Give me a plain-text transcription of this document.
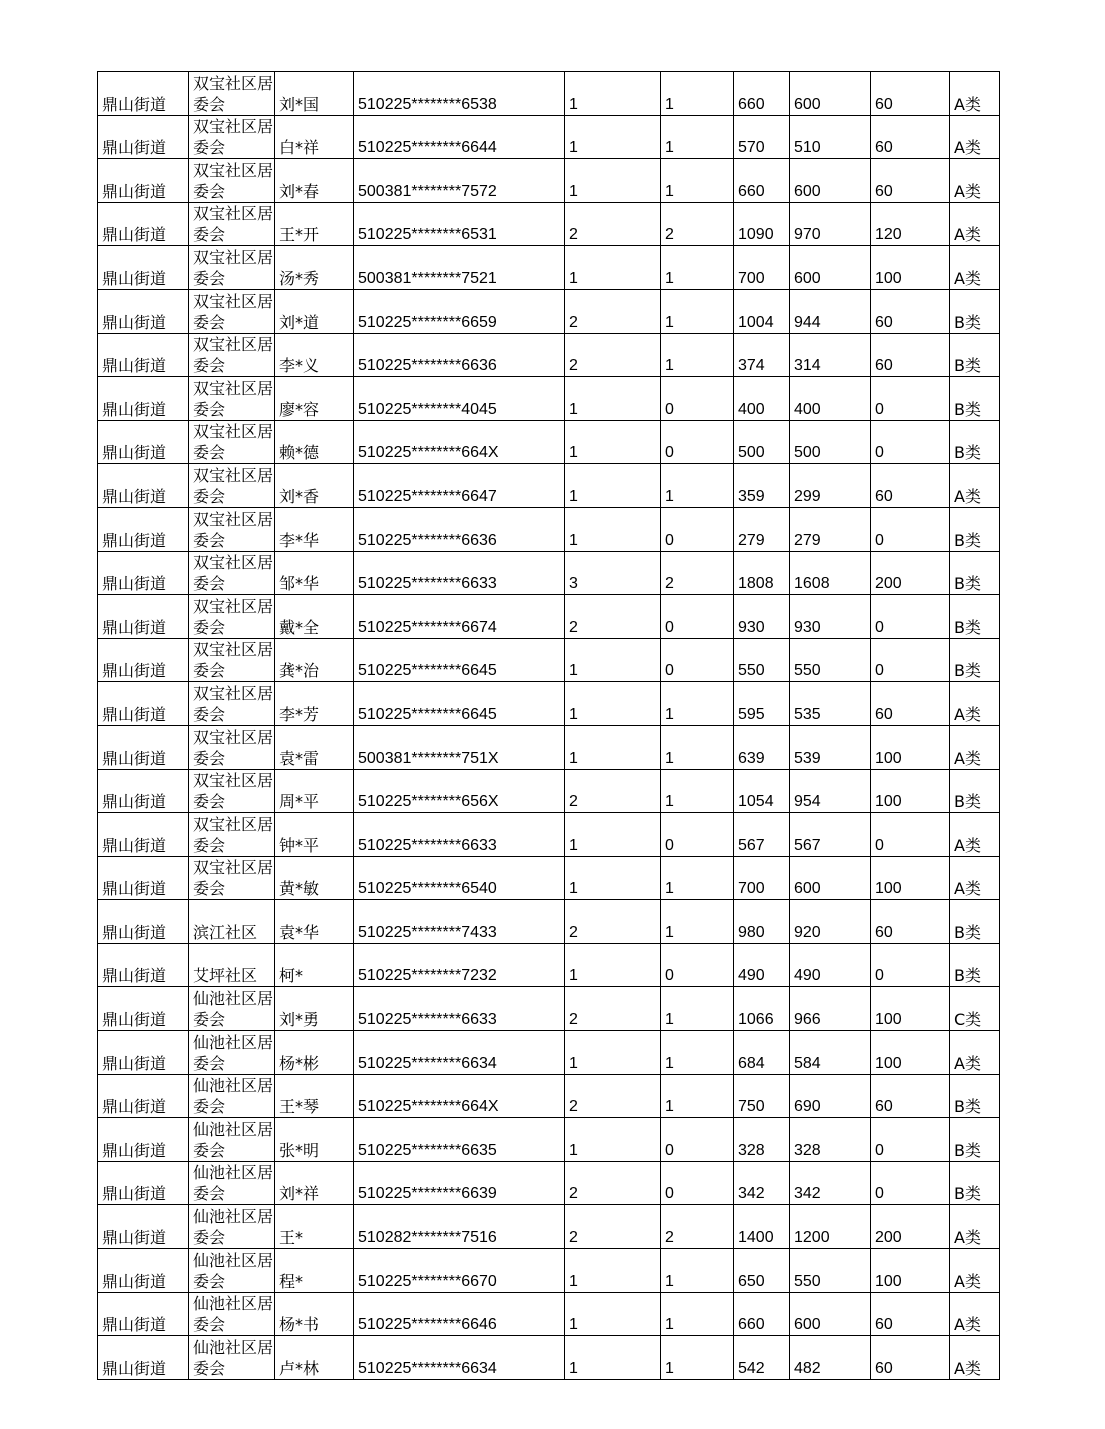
鼎山街道	双宝社区居委会	刘*国	510225********6538	1	1	660	600	60	A类
鼎山街道	双宝社区居委会	白*祥	510225********6644	1	1	570	510	60	A类
鼎山街道	双宝社区居委会	刘*春	500381********7572	1	1	660	600	60	A类
鼎山街道	双宝社区居委会	王*开	510225********6531	2	2	1090	970	120	A类
鼎山街道	双宝社区居委会	汤*秀	500381********7521	1	1	700	600	100	A类
鼎山街道	双宝社区居委会	刘*道	510225********6659	2	1	1004	944	60	B类
鼎山街道	双宝社区居委会	李*义	510225********6636	2	1	374	314	60	B类
鼎山街道	双宝社区居委会	廖*容	510225********4045	1	0	400	400	0	B类
鼎山街道	双宝社区居委会	赖*德	510225********664X	1	0	500	500	0	B类
鼎山街道	双宝社区居委会	刘*香	510225********6647	1	1	359	299	60	A类
鼎山街道	双宝社区居委会	李*华	510225********6636	1	0	279	279	0	B类
鼎山街道	双宝社区居委会	邹*华	510225********6633	3	2	1808	1608	200	B类
鼎山街道	双宝社区居委会	戴*全	510225********6674	2	0	930	930	0	B类
鼎山街道	双宝社区居委会	龚*治	510225********6645	1	0	550	550	0	B类
鼎山街道	双宝社区居委会	李*芳	510225********6645	1	1	595	535	60	A类
鼎山街道	双宝社区居委会	袁*雷	500381********751X	1	1	639	539	100	A类
鼎山街道	双宝社区居委会	周*平	510225********656X	2	1	1054	954	100	B类
鼎山街道	双宝社区居委会	钟*平	510225********6633	1	0	567	567	0	A类
鼎山街道	双宝社区居委会	黄*敏	510225********6540	1	1	700	600	100	A类
鼎山街道	滨江社区	袁*华	510225********7433	2	1	980	920	60	B类
鼎山街道	艾坪社区	柯*	510225********7232	1	0	490	490	0	B类
鼎山街道	仙池社区居委会	刘*勇	510225********6633	2	1	1066	966	100	C类
鼎山街道	仙池社区居委会	杨*彬	510225********6634	1	1	684	584	100	A类
鼎山街道	仙池社区居委会	王*琴	510225********664X	2	1	750	690	60	B类
鼎山街道	仙池社区居委会	张*明	510225********6635	1	0	328	328	0	B类
鼎山街道	仙池社区居委会	刘*祥	510225********6639	2	0	342	342	0	B类
鼎山街道	仙池社区居委会	王*	510282********7516	2	2	1400	1200	200	A类
鼎山街道	仙池社区居委会	程*	510225********6670	1	1	650	550	100	A类
鼎山街道	仙池社区居委会	杨*书	510225********6646	1	1	660	600	60	A类
鼎山街道	仙池社区居委会	卢*林	510225********6634	1	1	542	482	60	A类
